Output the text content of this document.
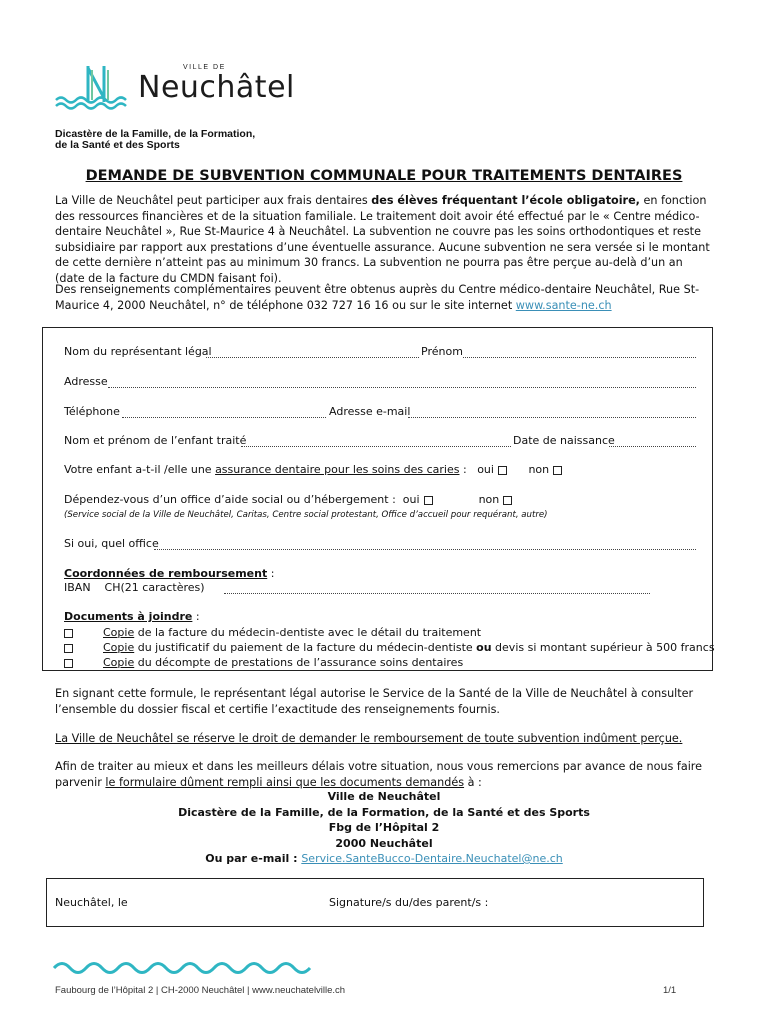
VILLE DE
Neuchâtel
Dicastère de la Famille, de la Formation,
de la Santé et des Sports
DEMANDE DE SUBVENTION COMMUNALE POUR TRAITEMENTS DENTAIRES
La Ville de Neuchâtel peut participer aux frais dentaires des élèves fréquentant l’école obligatoire, en fonction des ressources financières et de la situation familiale. Le traitement doit avoir été effectué par le « Centre médico-dentaire Neuchâtel », Rue St-Maurice 4 à Neuchâtel. La subvention ne couvre pas les soins orthodontiques et reste subsidiaire par rapport aux prestations d’une éventuelle assurance. Aucune subvention ne sera versée si le montant de cette dernière n’atteint pas au minimum 30 francs. La subvention ne pourra pas être perçue au-delà d’un an (date de la facture du CMDN faisant foi).
Des renseignements complémentaires peuvent être obtenus auprès du Centre médico-dentaire Neuchâtel, Rue St-Maurice 4, 2000 Neuchâtel, n° de téléphone 032 727 16 16 ou sur le site internet www.sante-ne.ch
Nom du représentant légal	Prénom
Adresse
Téléphone	Adresse e-mail
Nom et prénom de l’enfant traité	Date de naissance
Votre enfant a-t-il /elle une assurance dentaire pour les soins des caries : oui	non
Dépendez-vous d’un office d’aide social ou d’hébergement : oui	non
(Service social de la Ville de Neuchâtel, Caritas, Centre social protestant, Office d’accueil pour requérant, autre)
Si oui, quel office
Coordonnées de remboursement :
IBAN CH(21 caractères)
Documents à joindre :
Copie de la facture du médecin-dentiste avec le détail du traitement
Copie du justificatif du paiement de la facture du médecin-dentiste ou devis si montant supérieur à 500 francs
Copie du décompte de prestations de l’assurance soins dentaires
En signant cette formule, le représentant légal autorise le Service de la Santé de la Ville de Neuchâtel à consulter l’ensemble du dossier fiscal et certifie l’exactitude des renseignements fournis.
La Ville de Neuchâtel se réserve le droit de demander le remboursement de toute subvention indûment perçue.
Afin de traiter au mieux et dans les meilleurs délais votre situation, nous vous remercions par avance de nous faire parvenir le formulaire dûment rempli ainsi que les documents demandés à :
Ville de Neuchâtel
Dicastère de la Famille, de la Formation, de la Santé et des Sports
Fbg de l’Hôpital 2
2000 Neuchâtel
Ou par e-mail : Service.SanteBucco-Dentaire.Neuchatel@ne.ch
Neuchâtel, le	Signature/s du/des parent/s :
Faubourg de l’Hôpital 2 | CH-2000 Neuchâtel | www.neuchatelville.ch	1/1
